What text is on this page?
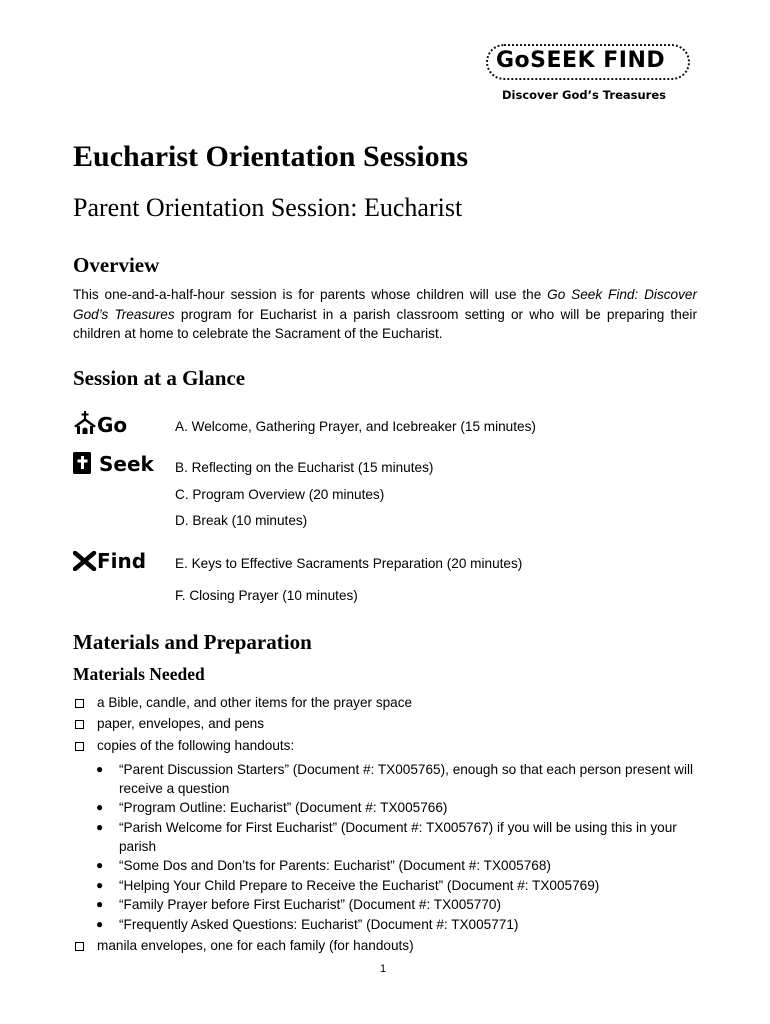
GoSEEK FIND
Discover God’s Treasures
Eucharist Orientation Sessions
Parent Orientation Session: Eucharist
Overview
This one-and-a-half-hour session is for parents whose children will use the Go Seek Find: Discover God’s Treasures program for Eucharist in a parish classroom setting or who will be preparing their children at home to celebrate the Sacrament of the Eucharist.
Session at a Glance
Go	A. Welcome, Gathering Prayer, and Icebreaker (15 minutes)
Seek B. Reflecting on the Eucharist (15 minutes)
C. Program Overview (20 minutes)
D. Break (10 minutes)
Find E. Keys to Effective Sacraments Preparation (20 minutes)
F. Closing Prayer (10 minutes)
Materials and Preparation
Materials Needed
a Bible, candle, and other items for the prayer space
paper, envelopes, and pens
copies of the following handouts:
● “Parent Discussion Starters” (Document #: TX005765), enough so that each person present will receive a question
● “Program Outline: Eucharist” (Document #: TX005766)
● “Parish Welcome for First Eucharist” (Document #: TX005767) if you will be using this in your parish
● “Some Dos and Don’ts for Parents: Eucharist” (Document #: TX005768)
● “Helping Your Child Prepare to Receive the Eucharist” (Document #: TX005769)
● “Family Prayer before First Eucharist” (Document #: TX005770)
● “Frequently Asked Questions: Eucharist” (Document #: TX005771)
manila envelopes, one for each family (for handouts)
1
